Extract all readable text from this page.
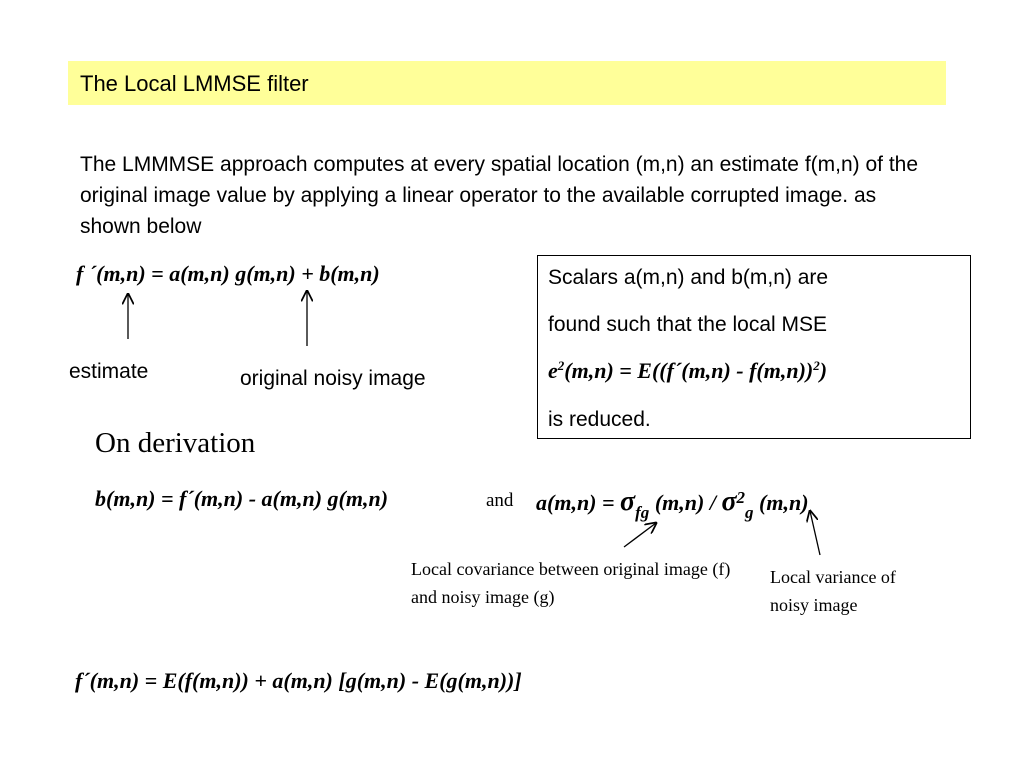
The Local LMMSE filter
The LMMMSE approach computes at every spatial location (m,n) an estimate f(m,n) of the original image value by applying a linear operator to the available corrupted image. as shown below
f ´(m,n) = a(m,n) g(m,n) + b(m,n)
estimate	original noisy image
Scalars a(m,n) and b(m,n) are
found such that the local MSE
$e^2(m,n)$ = E((f´(m,n) - f(m,n))$^2$)
is reduced.
On derivation
b(m,n) = f´(m,n) - a(m,n) g(m,n)	and $a(m,n) = \sigma_{fg}$ $(m,n) / \sigma^2_g$ (m,n)
Local covariance between original image (f) and noisy image (g)
Local variance of noisy image
f´(m,n) = E(f(m,n)) + a(m,n) [g(m,n) - E(g(m,n))]
